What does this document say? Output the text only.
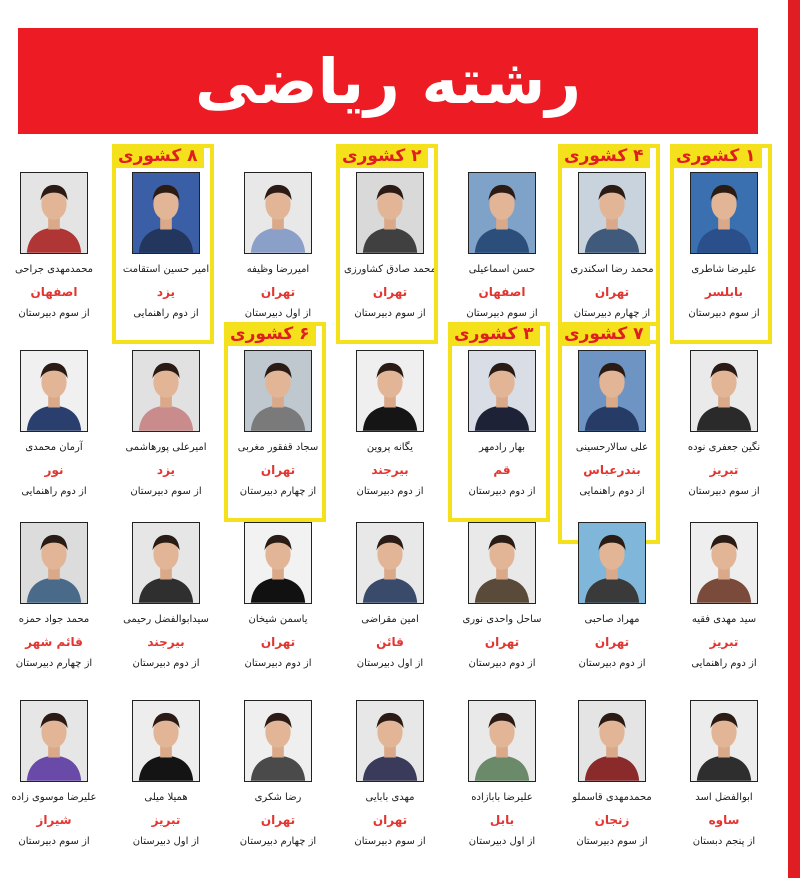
رشته ریاضی
علیرضا شاطری
بابلسر
از سوم دبیرستان
۱ کشوری
محمد رضا اسکندری
تهران
از چهارم دبیرستان
۴ کشوری
حسن اسماعیلی
اصفهان
از سوم دبیرستان
محمد صادق کشاورزی
تهران
از سوم دبیرستان
۲ کشوری
امیررضا وظیفه
تهران
از اول دبیرستان
امیر حسین استقامت
یزد
از دوم راهنمایی
۸ کشوری
محمدمهدی جراحی
اصفهان
از سوم دبیرستان
نگین جعفری نوده
تبریز
از سوم دبیرستان
علی سالارحسینی
بندرعباس
از دوم راهنمایی
۷ کشوری
بهار رادمهر
قم
از دوم دبیرستان
۳ کشوری
یگانه پروین
بیرجند
از دوم دبیرستان
سجاد قفقور مغربی
تهران
از چهارم دبیرستان
۶ کشوری
امیرعلی پورهاشمی
یزد
از سوم دبیرستان
آرمان محمدی
نور
از دوم راهنمایی
سید مهدی فقیه
تبریز
از دوم راهنمایی
مهراد صاحبی
تهران
از دوم دبیرستان
ساحل واحدی نوری
تهران
از دوم دبیرستان
امین مقراضی
قائن
از اول دبیرستان
یاسمن شیخان
تهران
از دوم دبیرستان
سیدابوالفضل رحیمی
بیرجند
از دوم دبیرستان
محمد جواد حمزه
قائم شهر
از چهارم دبیرستان
ابوالفضل اسد
ساوه
از پنجم دبستان
محمدمهدی قاسملو
زنجان
از سوم دبیرستان
علیرضا بابازاده
بابل
از اول دبیرستان
مهدی بابایی
تهران
از سوم دبیرستان
رضا شکری
تهران
از چهارم دبیرستان
همیلا میلی
تبریز
از اول دبیرستان
علیرضا موسوی زاده
شیراز
از سوم دبیرستان
